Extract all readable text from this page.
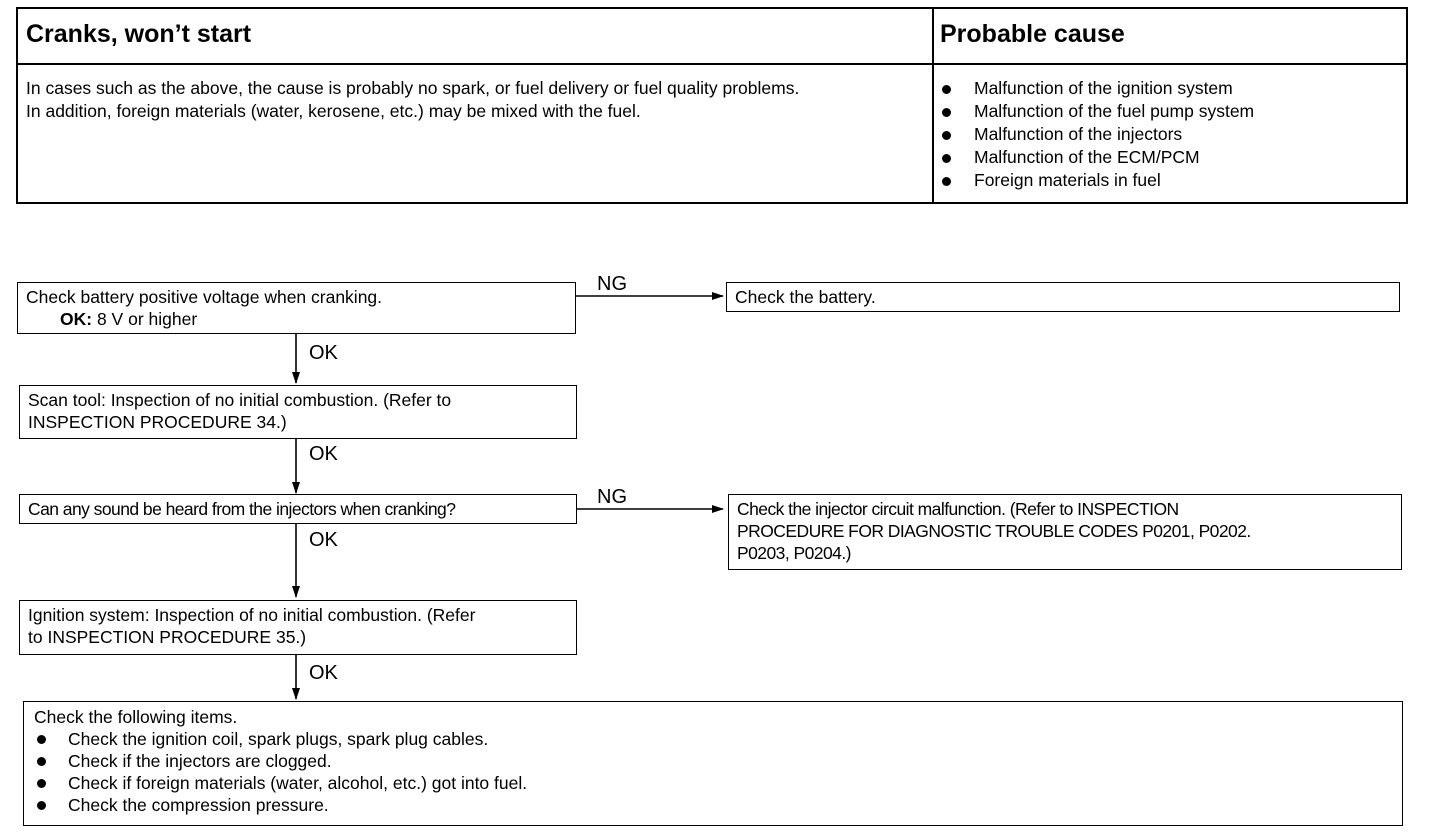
Cranks, won’t start	Probable cause

In cases such as the above, the cause is probably no spark, or fuel delivery or fuel quality problems.

In addition, foreign materials (water, kerosene, etc.) may be mixed with the fuel.

Malfunction of the ignition system
Malfunction of the fuel pump system
Malfunction of the injectors
Malfunction of the ECM/PCM
Foreign materials in fuel

Check battery positive voltage when cranking.

OK: 8 V or higher

Check the battery.

Scan tool: Inspection of no initial combustion. (Refer to

INSPECTION PROCEDURE 34.)

Can any sound be heard from the injectors when cranking?	Check the injector circuit malfunction. (Refer to INSPECTION

PROCEDURE FOR DIAGNOSTIC TROUBLE CODES P0201, P0202.

P0203, P0204.)

Ignition system: Inspection of no initial combustion. (Refer

to INSPECTION PROCEDURE 35.)

Check the following items.

Check the ignition coil, spark plugs, spark plug cables.
Check if the injectors are clogged.
Check if foreign materials (water, alcohol, etc.) got into fuel.
Check the compression pressure.
NG
OK
OK
NG
OK
OK
